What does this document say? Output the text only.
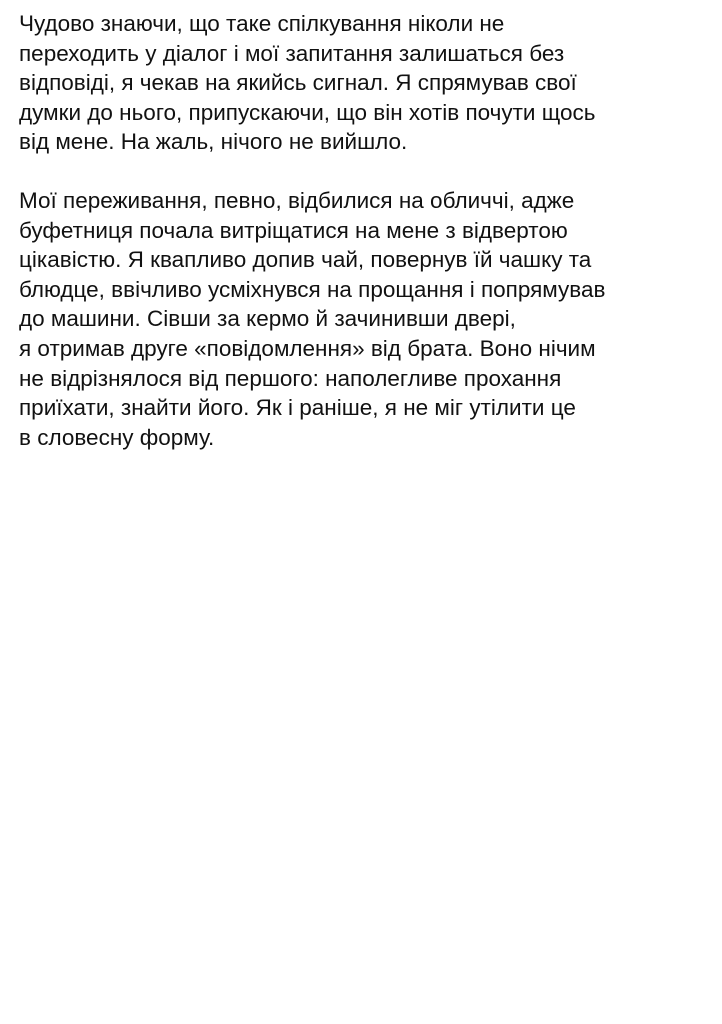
Чудово знаючи, що таке спілкування ніколи не
переходить у діалог і мої запитання залишаться без
відповіді, я чекав на якийсь сигнал. Я спрямував свої
думки до нього, припускаючи, що він хотів почути щось
від мене. На жаль, нічого не вийшло.

Мої переживання, певно, відбилися на обличчі, адже
буфетниця почала витріщатися на мене з відвертою
цікавістю. Я квапливо допив чай, повернув їй чашку та
блюдце, ввічливо усміхнувся на прощання і попрямував
до машини. Сівши за кермо й зачинивши двері,
я отримав друге «повідомлення» від брата. Воно нічим
не відрізнялося від першого: наполегливе прохання
приїхати, знайти його. Як і раніше, я не міг утілити це
в словесну форму.
